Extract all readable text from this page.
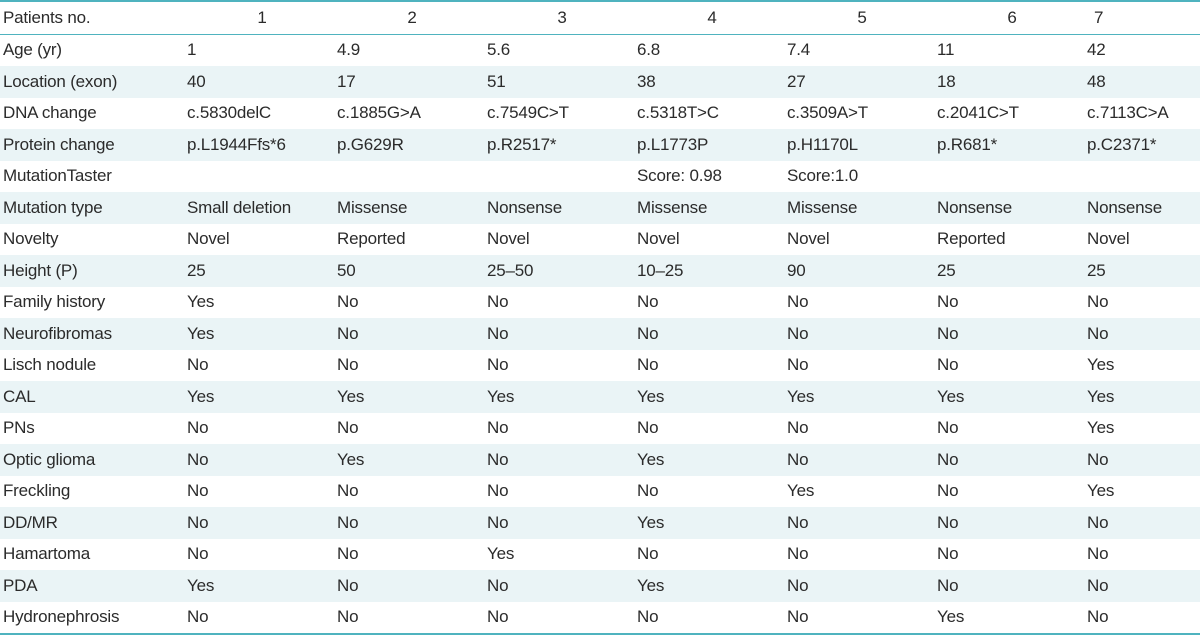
Patients no.	1	2	3	4	5	6	7
Age (yr)	1	4.9	5.6	6.8	7.4	11	42
Location (exon)	40	17	51	38	27	18	48
DNA change	c.5830delC	c.1885G>A	c.7549C>T	c.5318T>C	c.3509A>T	c.2041C>T	c.7113C>A
Protein change	p.L1944Ffs*6	p.G629R	p.R2517*	p.L1773P	p.H1170L	p.R681*	p.C2371*
MutationTaster				Score: 0.98	Score:1.0		
Mutation type	Small deletion	Missense	Nonsense	Missense	Missense	Nonsense	Nonsense
Novelty	Novel	Reported	Novel	Novel	Novel	Reported	Novel
Height (P)	25	50	25–50	10–25	90	25	25
Family history	Yes	No	No	No	No	No	No
Neurofibromas	Yes	No	No	No	No	No	No
Lisch nodule	No	No	No	No	No	No	Yes
CAL	Yes	Yes	Yes	Yes	Yes	Yes	Yes
PNs	No	No	No	No	No	No	Yes
Optic glioma	No	Yes	No	Yes	No	No	No
Freckling	No	No	No	No	Yes	No	Yes
DD/MR	No	No	No	Yes	No	No	No
Hamartoma	No	No	Yes	No	No	No	No
PDA	Yes	No	No	Yes	No	No	No
Hydronephrosis	No	No	No	No	No	Yes	No
